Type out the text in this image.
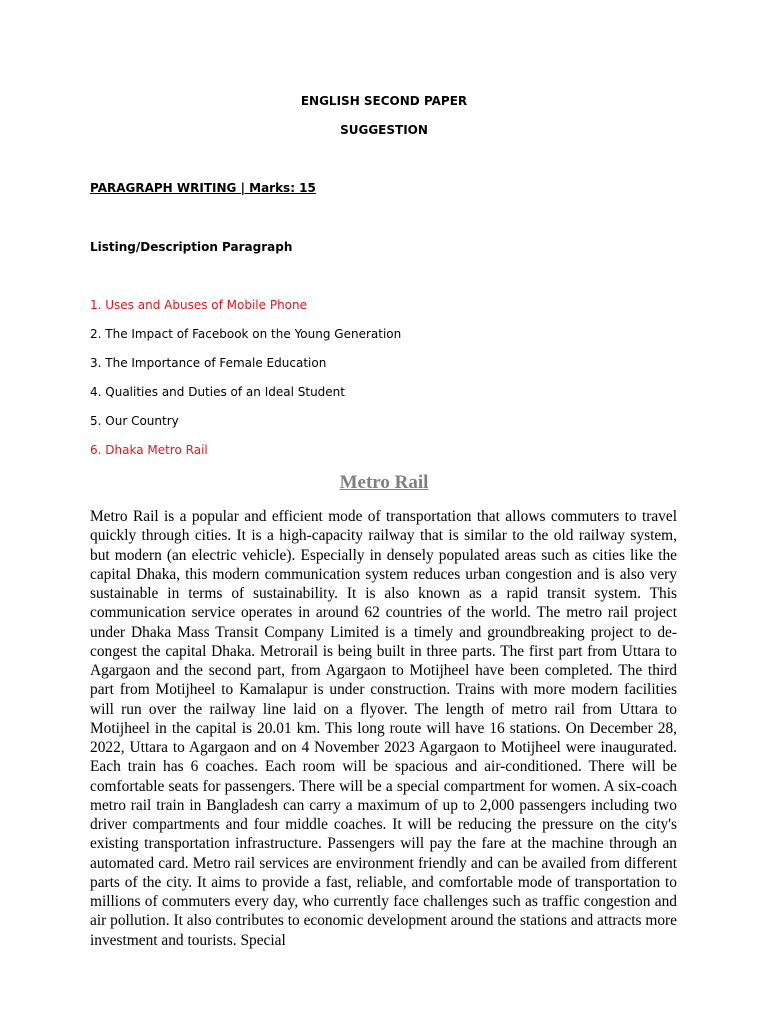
ENGLISH SECOND PAPER

SUGGESTION

PARAGRAPH WRITING | Marks: 15

Listing/Description Paragraph

1. Uses and Abuses of Mobile Phone

2. The Impact of Facebook on the Young Generation

3. The Importance of Female Education

4. Qualities and Duties of an Ideal Student

5. Our Country

6. Dhaka Metro Rail

Metro Rail

Metro Rail is a popular and efficient mode of transportation that allows commuters to travel quickly through cities. It is a high-capacity railway that is similar to the old railway system, but modern (an electric vehicle). Especially in densely populated areas such as cities like the capital Dhaka, this modern communication system reduces urban congestion and is also very sustainable in terms of sustainability. It is also known as a rapid transit system. This communication service operates in around 62 countries of the world. The metro rail project under Dhaka Mass Transit Company Limited is a timely and groundbreaking project to de-congest the capital Dhaka. Metrorail is being built in three parts. The first part from Uttara to Agargaon and the second part, from Agargaon to Motijheel have been completed. The third part from Motijheel to Kamalapur is under construction. Trains with more modern facilities will run over the railway line laid on a flyover. The length of metro rail from Uttara to Motijheel in the capital is 20.01 km. This long route will have 16 stations. On December 28, 2022, Uttara to Agargaon and on 4 November 2023 Agargaon to Motijheel were inaugurated. Each train has 6 coaches. Each room will be spacious and air-conditioned. There will be comfortable seats for passengers. There will be a special compartment for women. A six-coach metro rail train in Bangladesh can carry a maximum of up to 2,000 passengers including two driver compartments and four middle coaches. It will be reducing the pressure on the city's existing transportation infrastructure. Passengers will pay the fare at the machine through an automated card. Metro rail services are environment friendly and can be availed from different parts of the city. It aims to provide a fast, reliable, and comfortable mode of transportation to millions of commuters every day, who currently face challenges such as traffic congestion and air pollution. It also contributes to economic development around the stations and attracts more investment and tourists. Special
